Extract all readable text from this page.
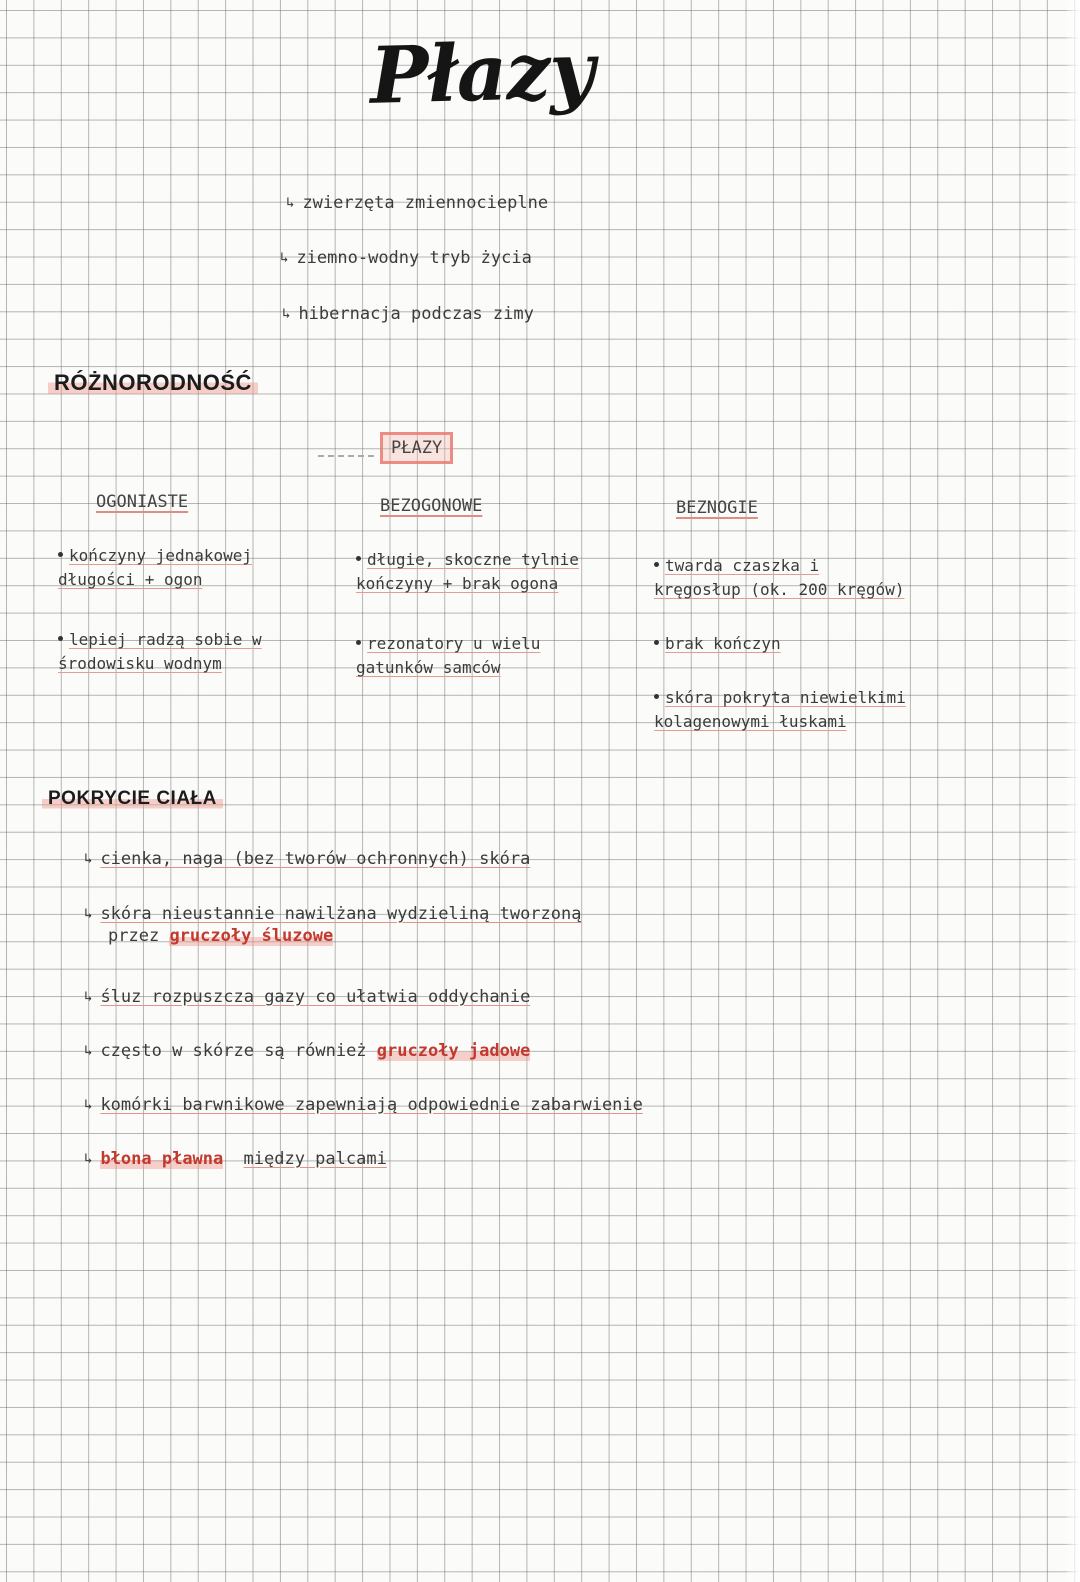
Płazy
↳ zwierzęta zmiennocieplne
↳ ziemno-wodny tryb życia
↳ hibernacja podczas zimy
RÓŻNORODNOŚĆ
PŁAZY
OGONIASTE
kończyny jednakowej
długości + ogon
lepiej radzą sobie w
środowisku wodnym
BEZOGONOWE
długie, skoczne tylnie
kończyny + brak ogona
rezonatory u wielu
gatunków samców
BEZNOGIE
twarda czaszka i
kręgosłup (ok. 200 kręgów)
brak kończyn
skóra pokryta niewielkimi
kolagenowymi łuskami
POKRYCIE CIAŁA
↳ cienka, naga (bez tworów ochronnych) skóra
↳ skóra nieustannie nawilżana wydzieliną tworzoną
przez gruczoły śluzowe
↳ śluz rozpuszcza gazy co ułatwia oddychanie
↳ często w skórze są również gruczoły jadowe
↳ komórki barwnikowe zapewniają odpowiednie zabarwienie
↳ błona pławna między palcami
